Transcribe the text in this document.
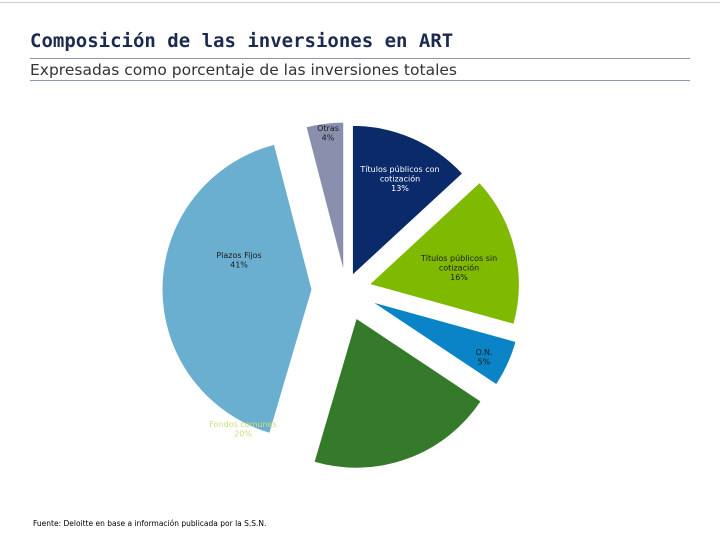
Composición de las inversiones en ART
Expresadas como porcentaje de las inversiones totales
Títulos públicos con
cotización
13%
Títulos públicos sin
cotización
16%
O.N.
5%
Fondos comunes
20%
Plazos Fijos
41%
Otras
4%
Fuente: Deloitte en base a información publicada por la S.S.N.
